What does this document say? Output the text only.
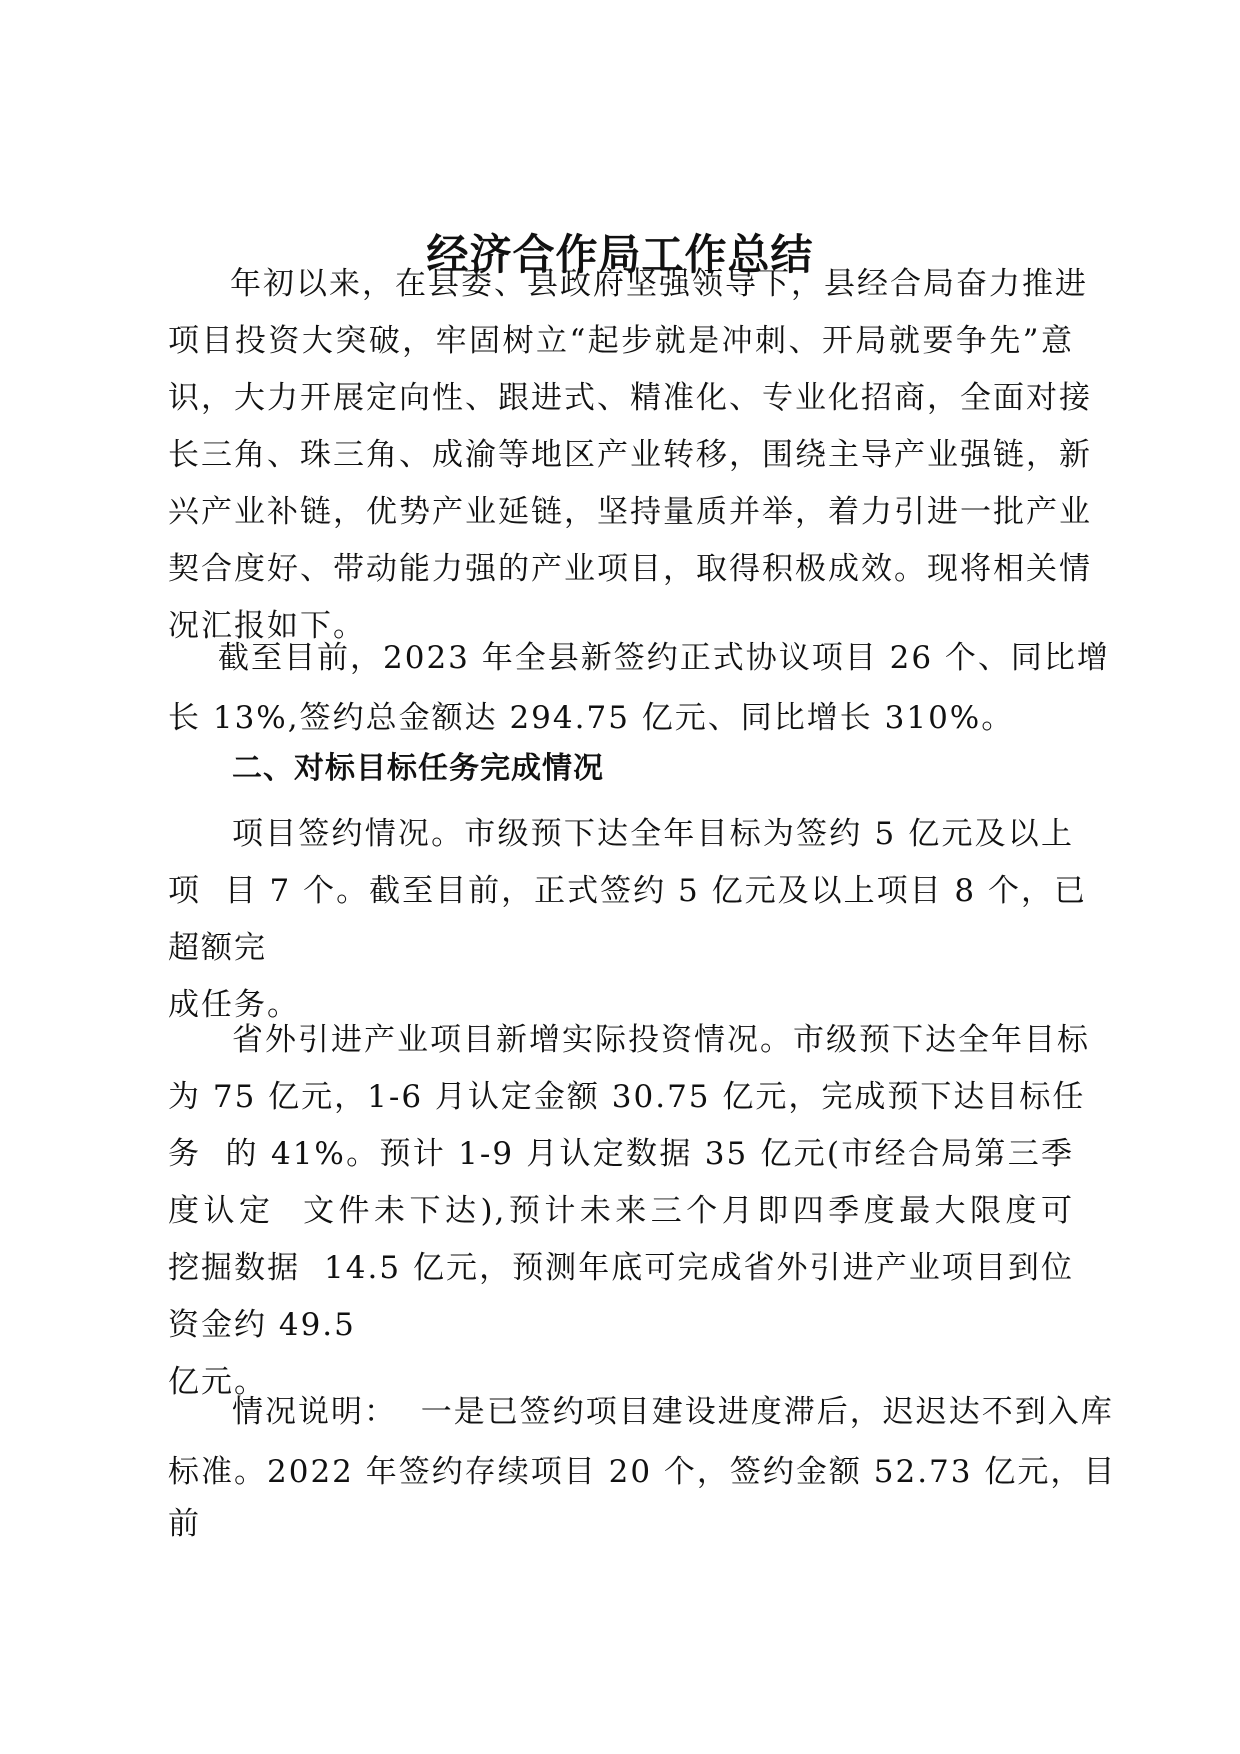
经济合作局工作总结
年初以来，在县委、县政府坚强领导下，县经合局奋力推进
项目投资大突破，牢固树立“起步就是冲刺、开局就要争先”意
识，大力开展定向性、跟进式、精准化、专业化招商，全面对接
长三角、珠三角、成渝等地区产业转移，围绕主导产业强链，新
兴产业补链，优势产业延链，坚持量质并举，着力引进一批产业
契合度好、带动能力强的产业项目，取得积极成效。现将相关情
况汇报如下。
截至目前，2023 年全县新签约正式协议项目 26 个、同比增
长 13%,签约总金额达 294.75 亿元、同比增长 310%。
二、对标目标任务完成情况
项目签约情况。市级预下达全年目标为签约 5 亿元及以上
项  目 7 个。截至目前，正式签约 5 亿元及以上项目 8 个，已
超额完
成任务。
省外引进产业项目新增实际投资情况。市级预下达全年目标
为 75 亿元，1-6 月认定金额 30.75 亿元，完成预下达目标任
务  的 41%。预计 1-9 月认定数据 35 亿元(市经合局第三季
度认定  文件未下达),预计未来三个月即四季度最大限度可
挖掘数据  14.5 亿元，预测年底可完成省外引进产业项目到位
资金约 49.5
亿元。
情况说明：  一是已签约项目建设进度滞后，迟迟达不到入库
标准。2022 年签约存续项目 20 个，签约金额 52.73 亿元，目
前
